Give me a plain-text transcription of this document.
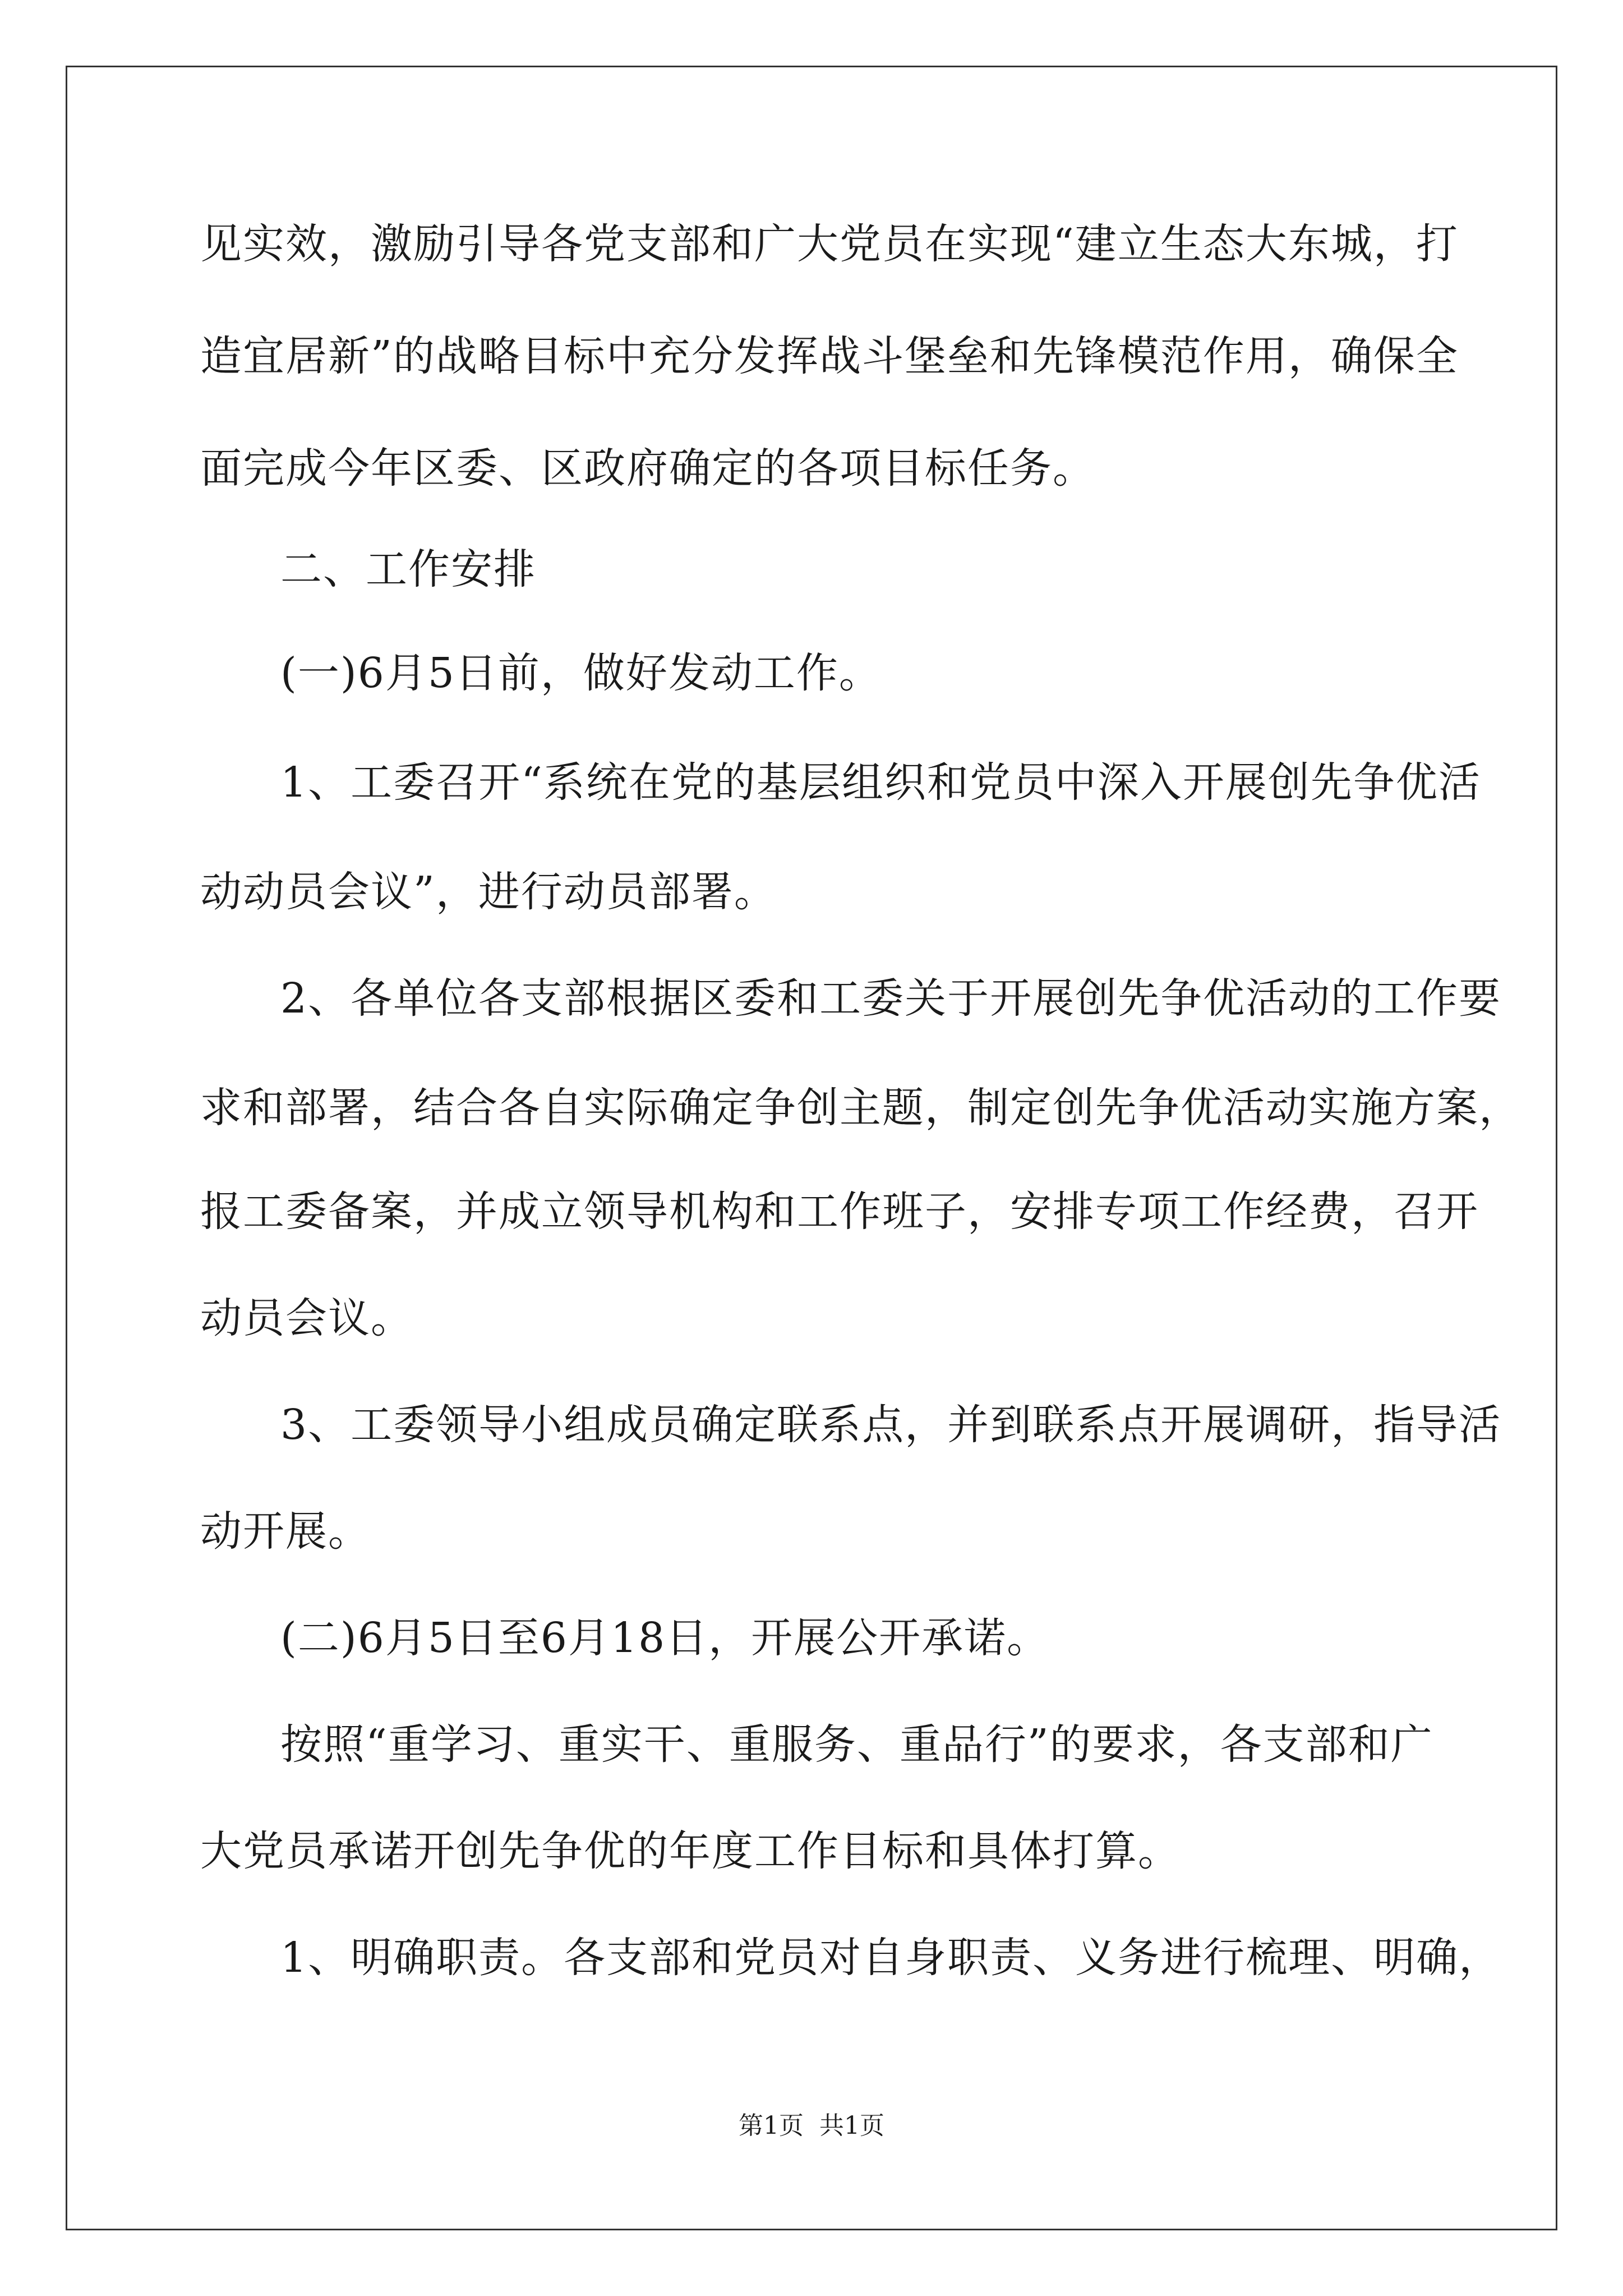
见实效，激励引导各党支部和广大党员在实现“建立生态大东城，打
造宜居新”的战略目标中充分发挥战斗堡垒和先锋模范作用，确保全
面完成今年区委、区政府确定的各项目标任务。
二、工作安排
(一)6月5日前，做好发动工作。
1、工委召开“系统在党的基层组织和党员中深入开展创先争优活
动动员会议”，进行动员部署。
2、各单位各支部根据区委和工委关于开展创先争优活动的工作要
求和部署，结合各自实际确定争创主题，制定创先争优活动实施方案，
报工委备案，并成立领导机构和工作班子，安排专项工作经费，召开
动员会议。
3、工委领导小组成员确定联系点，并到联系点开展调研，指导活
动开展。
(二)6月5日至6月18日，开展公开承诺。
按照“重学习、重实干、重服务、重品行”的要求，各支部和广
大党员承诺开创先争优的年度工作目标和具体打算。
1、明确职责。各支部和党员对自身职责、义务进行梳理、明确，
第1页  共1页
